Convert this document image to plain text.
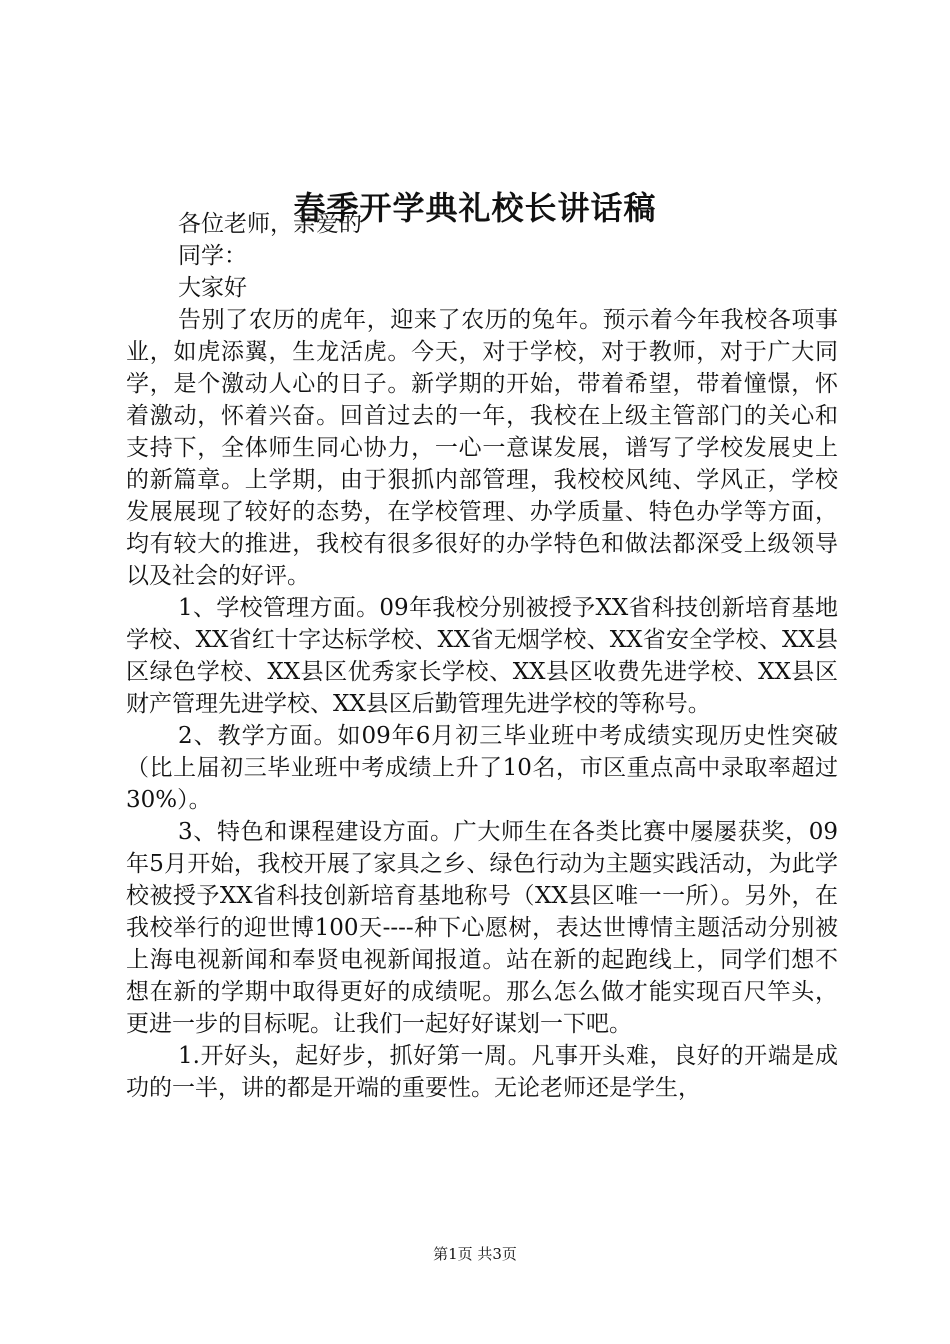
春季开学典礼校长讲话稿

各位老师，亲爱的

同学：

大家好

告别了农历的虎年，迎来了农历的兔年。预示着今年我校各项事业，如虎添翼，生龙活虎。今天，对于学校，对于教师，对于广大同学，是个激动人心的日子。新学期的开始，带着希望，带着憧憬，怀着激动，怀着兴奋。回首过去的一年，我校在上级主管部门的关心和支持下，全体师生同心协力，一心一意谋发展，谱写了学校发展史上的新篇章。上学期，由于狠抓内部管理，我校校风纯、学风正，学校发展展现了较好的态势，在学校管理、办学质量、特色办学等方面，均有较大的推进，我校有很多很好的办学特色和做法都深受上级领导以及社会的好评。

1、学校管理方面。09年我校分别被授予XX省科技创新培育基地学校、XX省红十字达标学校、XX省无烟学校、XX省安全学校、XX县区绿色学校、XX县区优秀家长学校、XX县区收费先进学校、XX县区财产管理先进学校、XX县区后勤管理先进学校的等称号。

2、教学方面。如09年6月初三毕业班中考成绩实现历史性突破（比上届初三毕业班中考成绩上升了10名，市区重点高中录取率超过30%）。

3、特色和课程建设方面。广大师生在各类比赛中屡屡获奖，09年5月开始，我校开展了家具之乡、绿色行动为主题实践活动，为此学校被授予XX省科技创新培育基地称号（XX县区唯一一所）。另外，在我校举行的迎世博100天----种下心愿树，表达世博情主题活动分别被上海电视新闻和奉贤电视新闻报道。站在新的起跑线上，同学们想不想在新的学期中取得更好的成绩呢。那么怎么做才能实现百尺竿头，更进一步的目标呢。让我们一起好好谋划一下吧。

1.开好头，起好步，抓好第一周。凡事开头难，良好的开端是成功的一半，讲的都是开端的重要性。无论老师还是学生，

第1页 共3页
